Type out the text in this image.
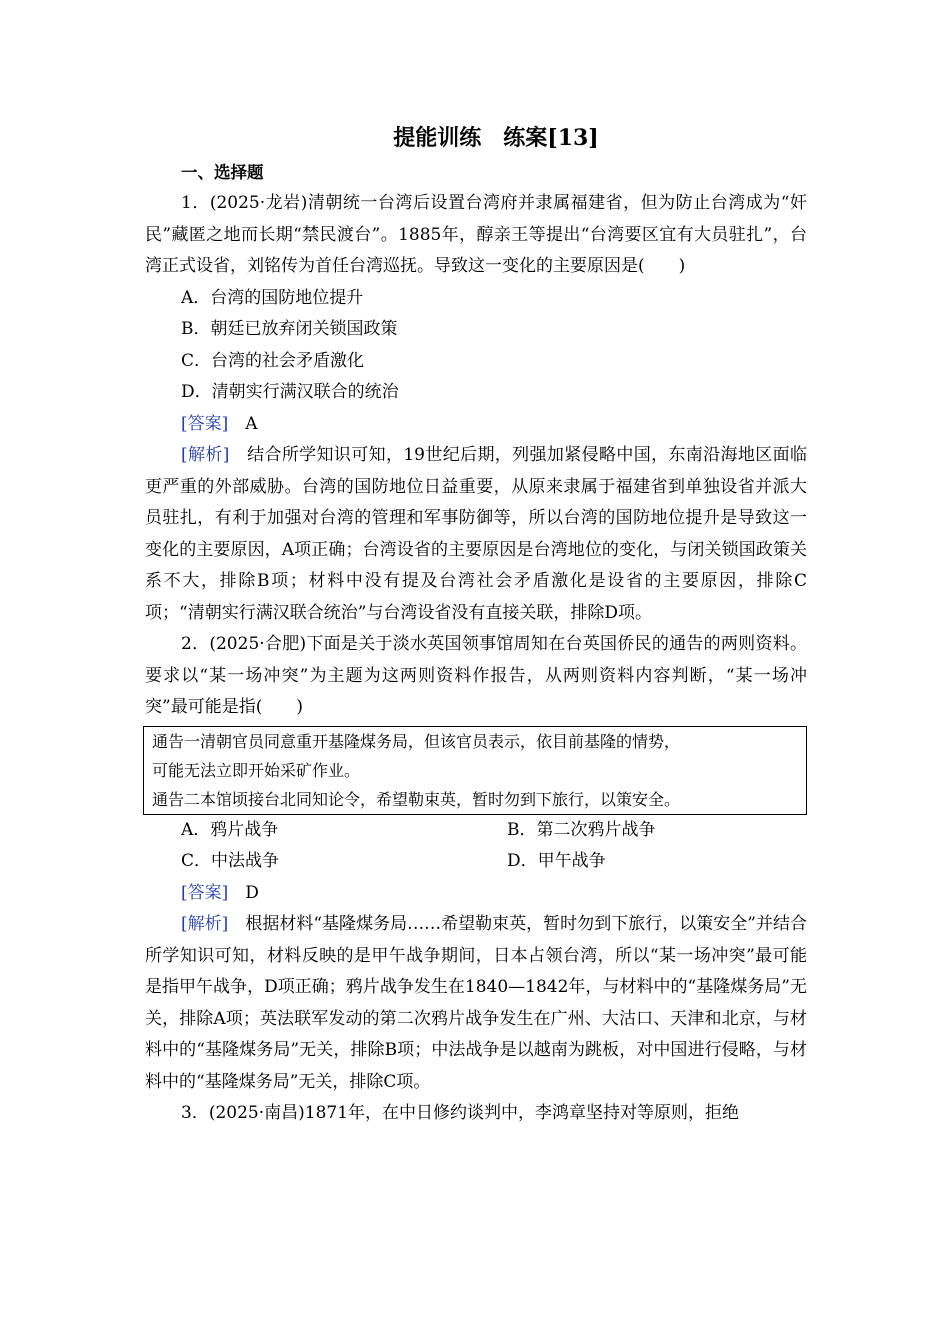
提能训练　练案[13]
一、选择题

1．(2025·龙岩)清朝统一台湾后设置台湾府并隶属福建省，但为防止台湾成为“奸民”藏匿之地而长期“禁民渡台”。1885年，醇亲王等提出“台湾要区宜有大员驻扎”，台湾正式设省，刘铭传为首任台湾巡抚。导致这一变化的主要原因是(　　)

A．台湾的国防地位提升
B．朝廷已放弃闭关锁国政策
C．台湾的社会矛盾激化
D．清朝实行满汉联合的统治
[答案]　A

[解析]　结合所学知识可知，19世纪后期，列强加紧侵略中国，东南沿海地区面临更严重的外部威胁。台湾的国防地位日益重要，从原来隶属于福建省到单独设省并派大员驻扎，有利于加强对台湾的管理和军事防御等，所以台湾的国防地位提升是导致这一变化的主要原因，A项正确；台湾设省的主要原因是台湾地位的变化，与闭关锁国政策关系不大，排除B项；材料中没有提及台湾社会矛盾激化是设省的主要原因，排除C项；“清朝实行满汉联合统治”与台湾设省没有直接关联，排除D项。

2．(2025·合肥)下面是关于淡水英国领事馆周知在台英国侨民的通告的两则资料。要求以“某一场冲突”为主题为这两则资料作报告，从两则资料内容判断，“某一场冲突”最可能是指(　　)

通告一清朝官员同意重开基隆煤务局，但该官员表示，依目前基隆的情势，
可能无法立即开始采矿作业。
通告二本馆顷接台北同知论令，希望勒束英，暂时勿到下旅行，以策安全。
A．鸦片战争	B．第二次鸦片战争
C．中法战争	D．甲午战争
[答案]　D

[解析]　根据材料“基隆煤务局……希望勒束英，暂时勿到下旅行，以策安全”并结合所学知识可知，材料反映的是甲午战争期间，日本占领台湾，所以“某一场冲突”最可能是指甲午战争，D项正确；鸦片战争发生在1840—1842年，与材料中的“基隆煤务局”无关，排除A项；英法联军发动的第二次鸦片战争发生在广州、大沽口、天津和北京，与材料中的“基隆煤务局”无关，排除B项；中法战争是以越南为跳板，对中国进行侵略，与材料中的“基隆煤务局”无关，排除C项。

3．(2025·南昌)1871年，在中日修约谈判中，李鸿章坚持对等原则，拒绝
